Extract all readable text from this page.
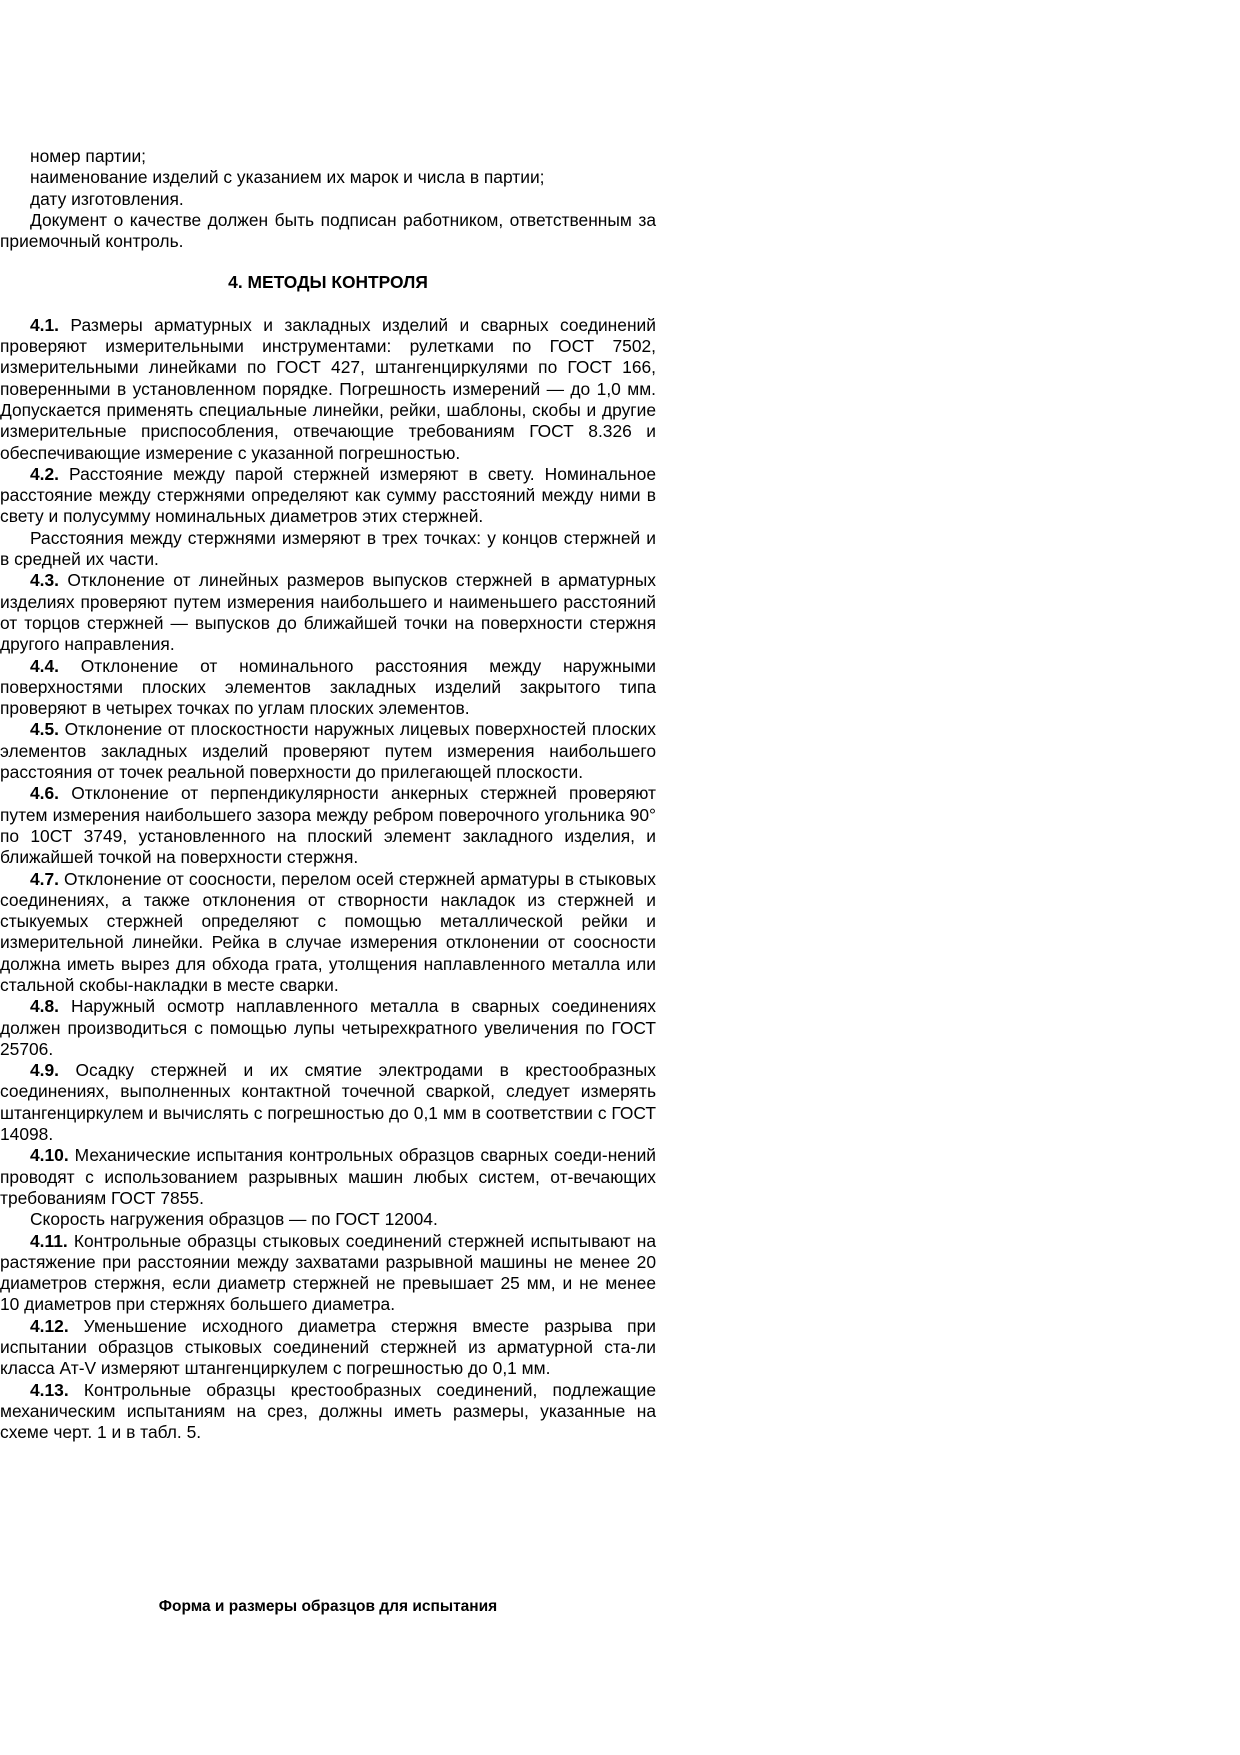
номер партии;

наименование изделий с указанием их марок и числа в партии;

дату изготовления.

Документ о качестве должен быть подписан работником, ответственным за приемочный контроль.

4. МЕТОДЫ КОНТРОЛЯ

4.1. Размеры арматурных и закладных изделий и сварных соединений проверяют измерительными инструментами: рулетками по ГОСТ 7502, измерительными линейками по ГОСТ 427, штангенциркулями по ГОСТ 166, поверенными в установленном порядке. Погрешность измерений — до 1,0 мм. Допускается применять специальные линейки, рейки, шаблоны, скобы и другие измерительные приспособления, отвечающие требованиям ГОСТ 8.326 и обеспечивающие измерение с указанной погрешностью.

4.2. Расстояние между парой стержней измеряют в свету. Номинальное расстояние между стержнями определяют как сумму расстояний между ними в свету и полусумму номинальных диаметров этих стержней.

Расстояния между стержнями измеряют в трех точках: у концов стержней и в средней их части.

4.3. Отклонение от линейных размеров выпусков стержней в арматурных изделиях проверяют путем измерения наибольшего и наименьшего расстояний от торцов стержней — выпусков до ближайшей точки на поверхности стержня другого направления.

4.4. Отклонение от номинального расстояния между наружными поверхностями плоских элементов закладных изделий закрытого типа проверяют в четырех точках по углам плоских элементов.

4.5. Отклонение от плоскостности наружных лицевых поверхностей плоских элементов закладных изделий проверяют путем измерения наибольшего расстояния от точек реальной поверхности до прилегающей плоскости.

4.6. Отклонение от перпендикулярности анкерных стержней проверяют путем измерения наибольшего зазора между ребром поверочного угольника 90° по 10СТ 3749, установленного на плоский элемент закладного изделия, и ближайшей точкой на поверхности стержня.

4.7. Отклонение от соосности, перелом осей стержней арматуры в стыковых соединениях, а также отклонения от створности накладок из стержней и стыкуемых стержней определяют с помощью металлической рейки и измерительной линейки. Рейка в случае измерения отклонении от соосности должна иметь вырез для обхода грата, утолщения наплавленного металла или стальной скобы-накладки в месте сварки.

4.8. Наружный осмотр наплавленного металла в сварных соединениях должен производиться с помощью лупы четырехкратного увеличения по ГОСТ 25706.

4.9. Осадку стержней и их смятие электродами в крестообразных соединениях, выполненных контактной точечной сваркой, следует измерять штангенциркулем и вычислять с погрешностью до 0,1 мм в соответствии с ГОСТ 14098.

4.10. Механические испытания контрольных образцов сварных соеди-нений проводят с использованием разрывных машин любых систем, от-вечающих требованиям ГОСТ 7855.

Скорость нагружения образцов — по ГОСТ 12004.

4.11. Контрольные образцы стыковых соединений стержней испытывают на растяжение при расстоянии между захватами разрывной машины не менее 20 диаметров стержня, если диаметр стержней не превышает 25 мм, и не менее 10 диаметров при стержнях большего диаметра.

4.12. Уменьшение исходного диаметра стержня вместе разрыва при испытании образцов стыковых соединений стержней из арматурной ста-ли класса Ат-V измеряют штангенциркулем с погрешностью до 0,1 мм.

4.13. Контрольные образцы крестообразных соединений, подлежащие механическим испытаниям на срез, должны иметь размеры, указанные на схеме черт. 1 и в табл. 5.

Форма и размеры образцов для испытания
